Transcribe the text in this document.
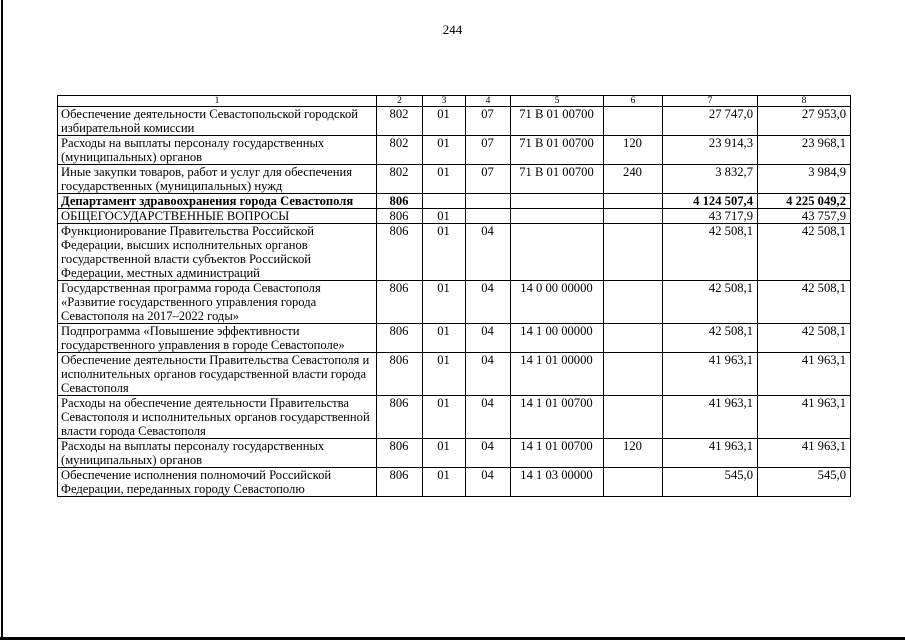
244
1	2	3	4	5	6	7	8
Обеспечение деятельности Севастопольской городской избирательной комиссии	802	01	07	71 В 01 00700		27 747,0	27 953,0
Расходы на выплаты персоналу государственных (муниципальных) органов	802	01	07	71 В 01 00700	120	23 914,3	23 968,1
Иные закупки товаров, работ и услуг для обеспечения государственных (муниципальных) нужд	802	01	07	71 В 01 00700	240	3 832,7	3 984,9
Департамент здравоохранения города Севастополя	806					4 124 507,4	4 225 049,2
ОБЩЕГОСУДАРСТВЕННЫЕ ВОПРОСЫ	806	01				43 717,9	43 757,9
Функционирование Правительства Российской Федерации, высших исполнительных органов государственной власти субъектов Российской Федерации, местных администраций	806	01	04			42 508,1	42 508,1
Государственная программа города Севастополя «Развитие государственного управления города Севастополя на 2017–2022 годы»	806	01	04	14 0 00 00000		42 508,1	42 508,1
Подпрограмма «Повышение эффективности государственного управления в городе Севастополе»	806	01	04	14 1 00 00000		42 508,1	42 508,1
Обеспечение деятельности Правительства Севастополя и исполнительных органов государственной власти города Севастополя	806	01	04	14 1 01 00000		41 963,1	41 963,1
Расходы на обеспечение деятельности Правительства Севастополя и исполнительных органов государственной власти города Севастополя	806	01	04	14 1 01 00700		41 963,1	41 963,1
Расходы на выплаты персоналу государственных (муниципальных) органов	806	01	04	14 1 01 00700	120	41 963,1	41 963,1
Обеспечение исполнения полномочий Российской Федерации, переданных городу Севастополю	806	01	04	14 1 03 00000		545,0	545,0
